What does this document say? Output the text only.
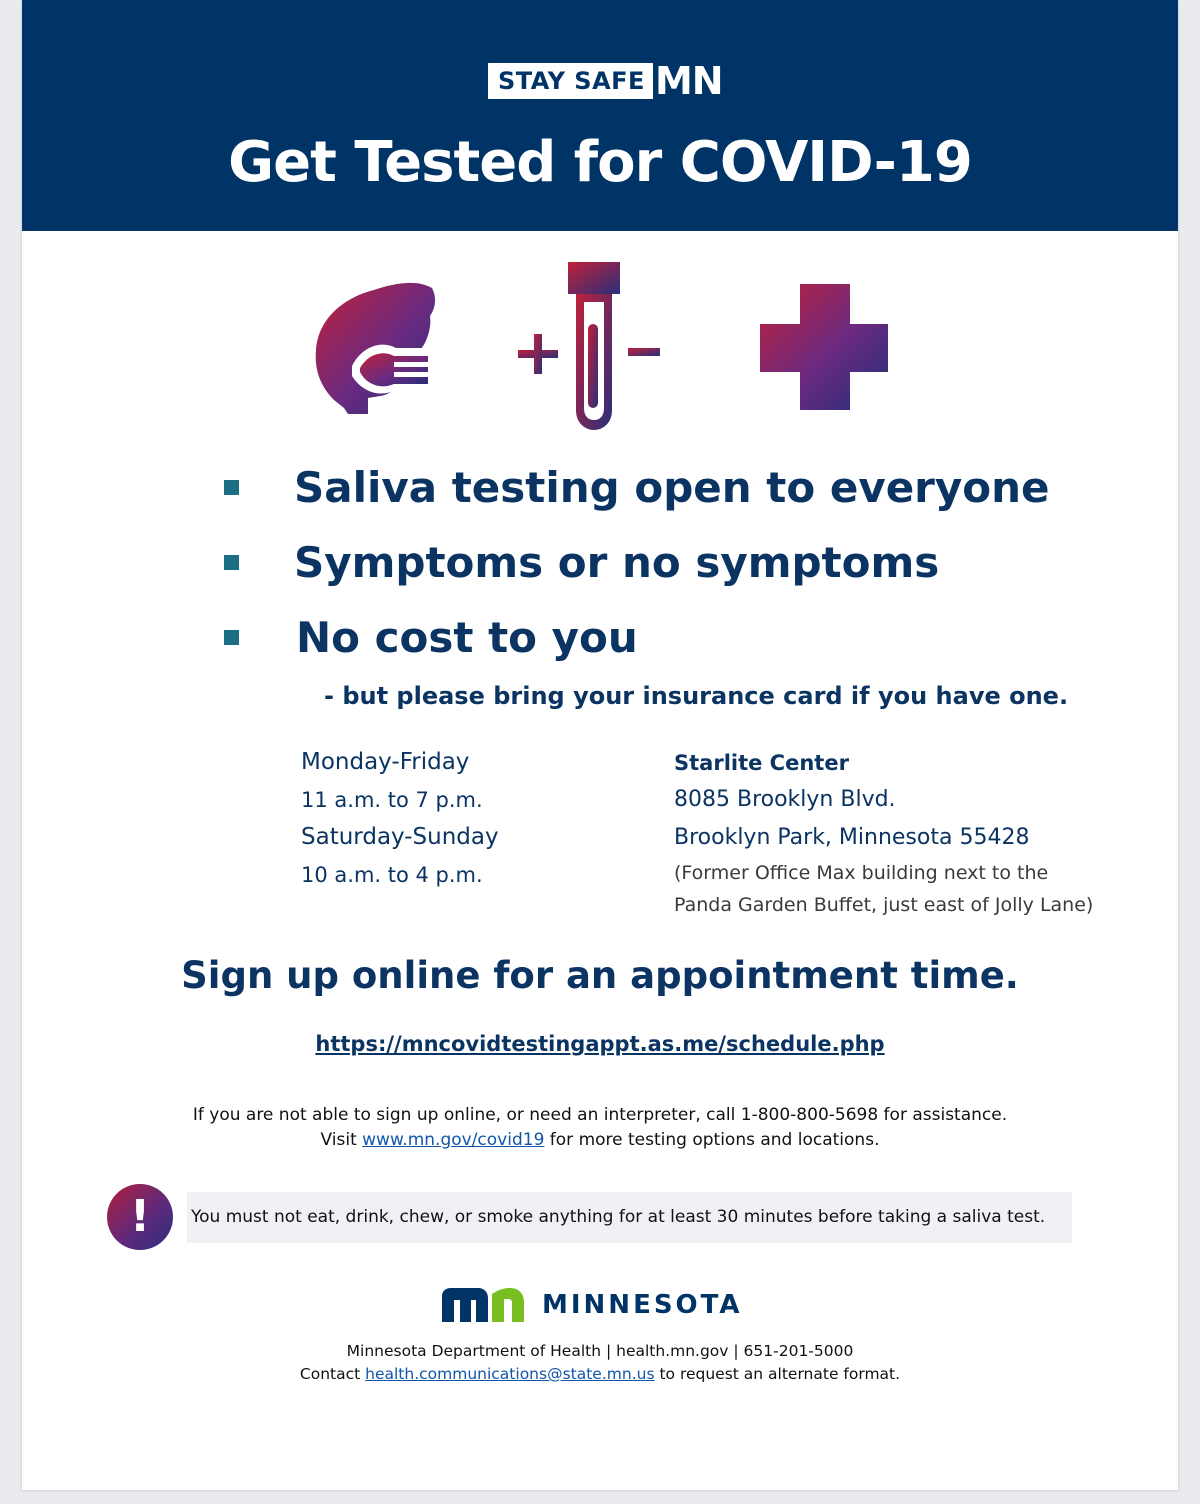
STAY SAFE MN
Get Tested for COVID-19
- but please bring your insurance card if you have one.
Saliva testing open to everyone
Symptoms or no symptoms
No cost to you
Monday-Friday
11 a.m. to 7 p.m.
Saturday-Sunday
10 a.m. to 4 p.m.
Starlite Center
8085 Brooklyn Blvd.
Brooklyn Park, Minnesota 55428
(Former Office Max building next to the
Panda Garden Buffet, just east of Jolly Lane)
Sign up online for an appointment time.
https://mncovidtestingappt.as.me/schedule.php
If you are not able to sign up online, or need an interpreter, call 1-800-800-5698 for assistance.
Visit www.mn.gov/covid19 for more testing options and locations.
!	You must not eat, drink, chew, or smoke anything for at least 30 minutes before taking a saliva test.
MINNESOTA
Minnesota Department of Health | health.mn.gov | 651-201-5000
Contact health.communications@state.mn.us to request an alternate format.
